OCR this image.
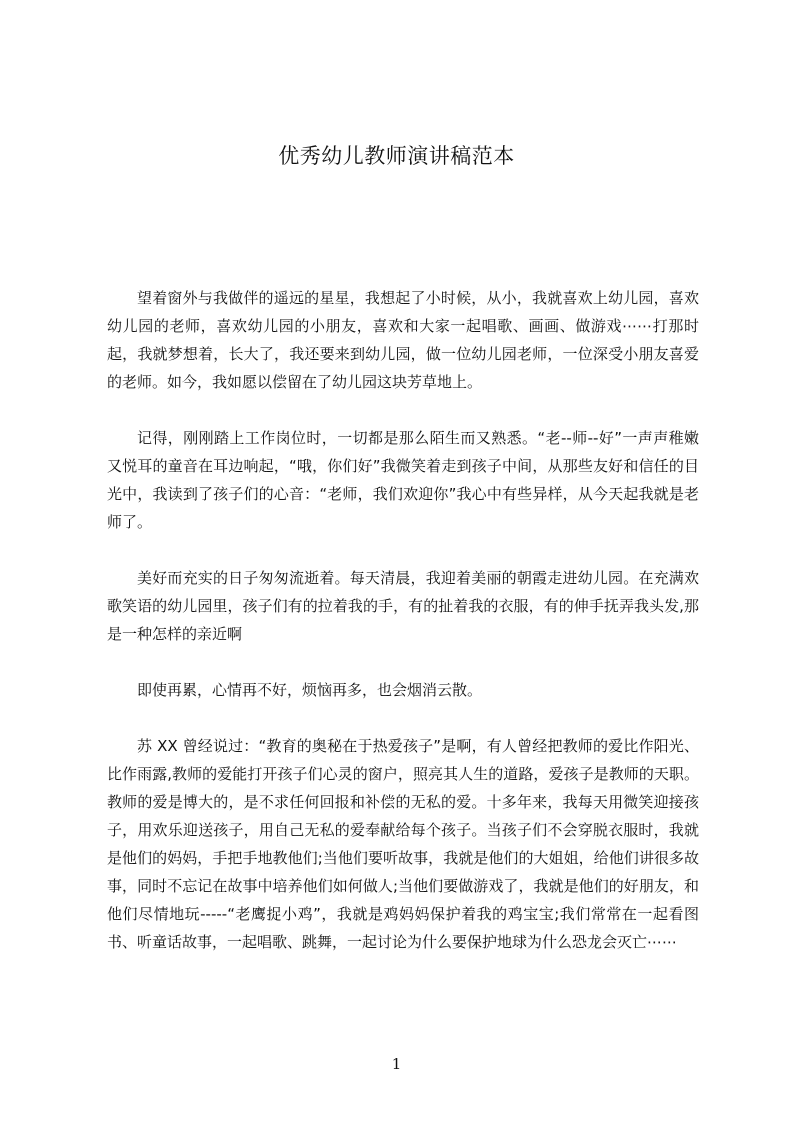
优秀幼儿教师演讲稿范本

望着窗外与我做伴的遥远的星星，我想起了小时候，从小，我就喜欢上幼儿园，喜欢幼儿园的老师，喜欢幼儿园的小朋友，喜欢和大家一起唱歌、画画、做游戏⋯⋯打那时起，我就梦想着，长大了，我还要来到幼儿园，做一位幼儿园老师，一位深受小朋友喜爱的老师。如今，我如愿以偿留在了幼儿园这块芳草地上。

记得，刚刚踏上工作岗位时，一切都是那么陌生而又熟悉。“老--师--好”一声声稚嫩又悦耳的童音在耳边响起，“哦，你们好”我微笑着走到孩子中间，从那些友好和信任的目光中，我读到了孩子们的心音：“老师，我们欢迎你”我心中有些异样，从今天起我就是老师了。

美好而充实的日子匆匆流逝着。每天清晨，我迎着美丽的朝霞走进幼儿园。在充满欢歌笑语的幼儿园里，孩子们有的拉着我的手，有的扯着我的衣服，有的伸手抚弄我头发,那是一种怎样的亲近啊

即使再累，心情再不好，烦恼再多，也会烟消云散。

苏 XX 曾经说过：“教育的奥秘在于热爱孩子”是啊，有人曾经把教师的爱比作阳光、比作雨露,教师的爱能打开孩子们心灵的窗户，照亮其人生的道路，爱孩子是教师的天职。教师的爱是博大的，是不求任何回报和补偿的无私的爱。十多年来，我每天用微笑迎接孩子，用欢乐迎送孩子，用自己无私的爱奉献给每个孩子。当孩子们不会穿脱衣服时，我就是他们的妈妈，手把手地教他们;当他们要听故事，我就是他们的大姐姐，给他们讲很多故事，同时不忘记在故事中培养他们如何做人;当他们要做游戏了，我就是他们的好朋友，和他们尽情地玩-----“老鹰捉小鸡”，我就是鸡妈妈保护着我的鸡宝宝;我们常常在一起看图书、听童话故事，一起唱歌、跳舞，一起讨论为什么要保护地球为什么恐龙会灭亡⋯⋯

1
